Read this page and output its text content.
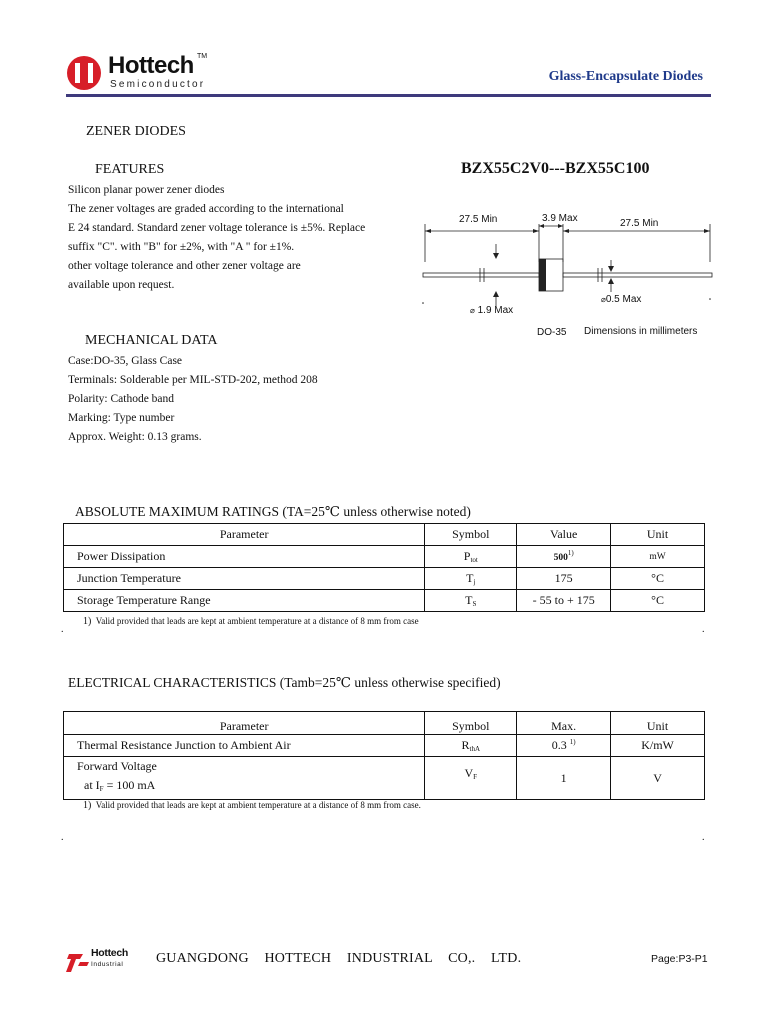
Hottech TM
Semiconductor
Glass-Encapsulate Diodes
ZENER DIODES
FEATURES	BZX55C2V0---BZX55C100
Silicon planar power zener diodes
The zener voltages are graded according to the international
E 24 standard. Standard zener voltage tolerance is ±5%. Replace
suffix "C". with "B" for ±2%, with "A " for ±1%.
other voltage tolerance and other zener voltage are
available upon request.
27.5 Min	3.9 Max	27.5 Min
⌀ 1.9 Max
⌀0.5 Max
DO-35 Dimensions in millimeters
MECHANICAL DATA
Case:DO-35, Glass Case
Terminals: Solderable per MIL-STD-202, method 208
Polarity: Cathode band
Marking: Type number
Approx. Weight: 0.13 grams.
ABSOLUTE MAXIMUM RATINGS (TA=25℃ unless otherwise noted)
Parameter	Symbol	Value	Unit
Power Dissipation	$P_{tot}$	500$^{1)}$	mW
Junction Temperature	$T_j$	175	°C
Storage Temperature Range	$T_S$	- 55 to + 175	°C
1) Valid provided that leads are kept at ambient temperature at a distance of 8 mm from case
.	.
ELECTRICAL CHARACTERISTICS (Tamb=25℃ unless otherwise specified)
Parameter	Symbol	Max.	Unit
Thermal Resistance Junction to Ambient Air	$R_{thA}$	0.3 $^{1)}$	K/mW

Forward Voltage
at $I_F = 100$ mA	$V_F$	1	V
1) Valid provided that leads are kept at ambient temperature at a distance of 8 mm from case.
.	.
Hottech
Industrial GUANGDONG HOTTECH INDUSTRIAL CO,. LTD.	Page:P3-P1
